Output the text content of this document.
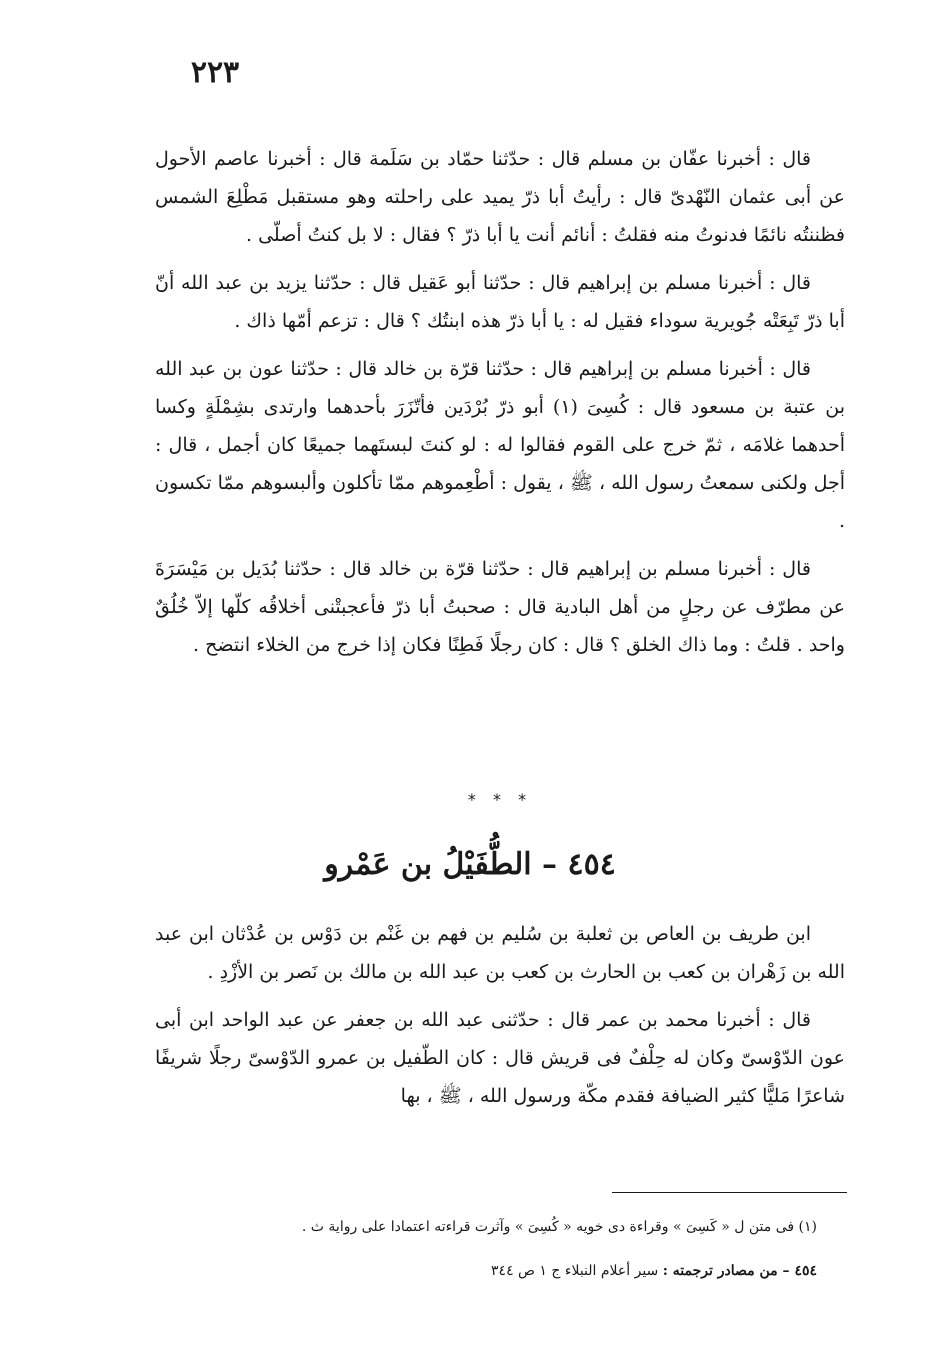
٢٢٣

قال : أخبرنا عفّان بن مسلم قال : حدّثنا حمّاد بن سَلَمة قال : أخبرنا عاصم الأحول عن أبى عثمان النّهْدىّ قال : رأيتُ أبا ذرّ يميد على راحلته وهو مستقبل مَطْلِعَ الشمس فظننتُه نائمًا فدنوتُ منه فقلتُ : أنائم أنت يا أبا ذرّ ؟ فقال : لا بل كنتُ أصلّى .

قال : أخبرنا مسلم بن إبراهيم قال : حدّثنا أبو عَقيل قال : حدّثنا يزيد بن عبد الله أنّ أبا ذرّ تَبِعَتْه جُويرية سوداء فقيل له : يا أبا ذرّ هذه ابنتُك ؟ قال : تزعم أمّها ذاك .

قال : أخبرنا مسلم بن إبراهيم قال : حدّثنا قرّة بن خالد قال : حدّثنا عون بن عبد الله بن عتبة بن مسعود قال : كُسِىَ (١) أبو ذرّ بُرْدَين فأتّزَرَ بأحدهما وارتدى بشِمْلَةٍ وكسا أحدهما غلامَه ، ثمّ خرج على القوم فقالوا له : لو كنتَ لبستَهما جميعًا كان أجمل ، قال : أجل ولكنى سمعتُ رسول الله ، ﷺ ، يقول : أطْعِموهم ممّا تأكلون وألبسوهم ممّا تكسون .

قال : أخبرنا مسلم بن إبراهيم قال : حدّثنا قرّة بن خالد قال : حدّثنا بُدَيل بن مَيْسَرَةَ عن مطرّف عن رجلٍ من أهل البادية قال : صحبتُ أبا ذرّ فأعجبتْنى أخلاقُه كلّها إلاّ خُلُقٌ واحد . قلتُ : وما ذاك الخلق ؟ قال : كان رجلًا فَطِنًا فكان إذا خرج من الخلاء انتضح .

* * *
٤٥٤ – الطُّفَيْلُ بن عَمْرو

ابن طريف بن العاص بن ثعلبة بن سُليم بن فهم بن غَنْم بن دَوْس بن عُدْثان ابن عبد الله بن زَهْران بن كعب بن الحارث بن كعب بن عبد الله بن مالك بن نَصر بن الأزْدِ .

قال : أخبرنا محمد بن عمر قال : حدّثنى عبد الله بن جعفر عن عبد الواحد ابن أبى عون الدّوْسىّ وكان له حِلْفٌ فى قريش قال : كان الطّفيل بن عمرو الدّوْسىّ رجلًا شريفًا شاعرًا مَليًّا كثير الضيافة فقدم مكّة ورسول الله ، ﷺ ، بها

(١) فى متن ل « كَسِىَ » وقراءة دى خويه « كُسِىَ » وآثرت قراءته اعتمادا على رواية ث .

٤٥٤ – من مصادر ترجمته : سير أعلام النبلاء ج ١ ص ٣٤٤
